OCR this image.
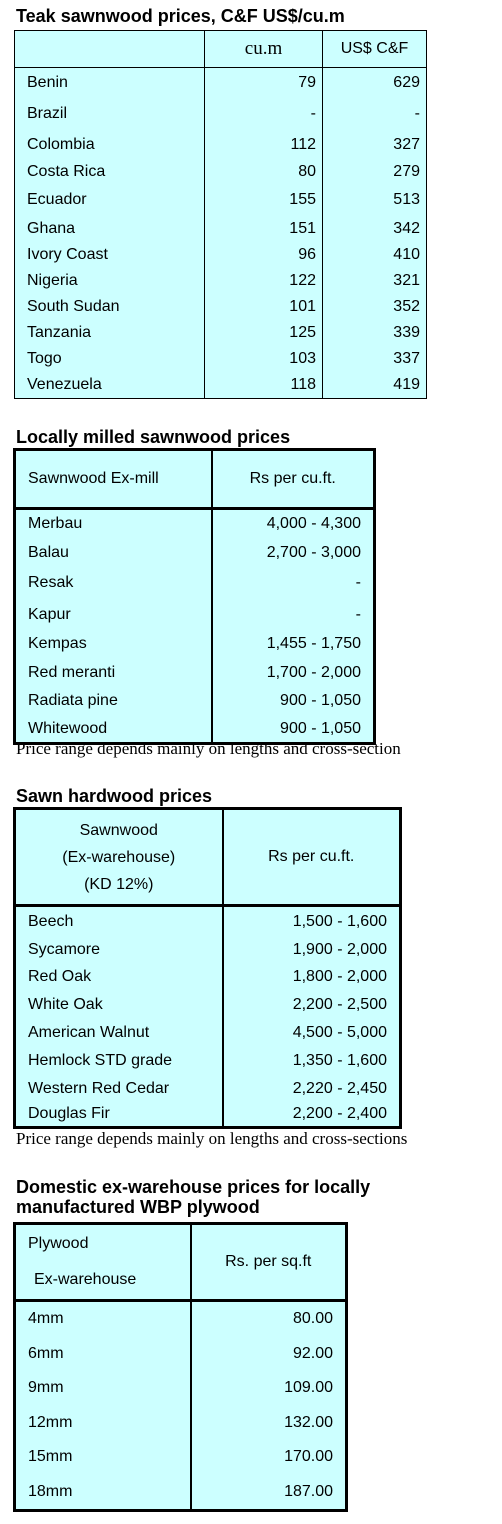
Teak sawnwood prices, C&F US$/cu.m
	cu.m	US$ C&F
Benin	79	629
Brazil	-	-
Colombia	112	327
Costa Rica	80	279
Ecuador	155	513
Ghana	151	342
Ivory Coast	96	410
Nigeria	122	321
South Sudan	101	352
Tanzania	125	339
Togo	103	337
Venezuela	118	419
Locally milled sawnwood prices
Sawnwood Ex-mill	Rs per cu.ft.
Merbau	4,000 - 4,300
Balau	2,700 - 3,000
Resak	-
Kapur	-
Kempas	1,455 - 1,750
Red meranti	1,700 - 2,000
Radiata pine	900 - 1,050
Whitewood	900 - 1,050
Price range depends mainly on lengths and cross-section
Sawn hardwood prices
Sawnwood
(Ex-warehouse)
(KD 12%)	Rs per cu.ft.
Beech	1,500 - 1,600
Sycamore	1,900 - 2,000
Red Oak	1,800 - 2,000
White Oak	2,200 - 2,500
American Walnut	4,500 - 5,000
Hemlock STD grade	1,350 - 1,600
Western Red Cedar	2,220 - 2,450
Douglas Fir	2,200 - 2,400
Price range depends mainly on lengths and cross-sections
Domestic ex-warehouse prices for locally
manufactured WBP plywood
Plywood
Ex-warehouse	Rs. per sq.ft
4mm	80.00
6mm	92.00
9mm	109.00
12mm	132.00
15mm	170.00
18mm	187.00
